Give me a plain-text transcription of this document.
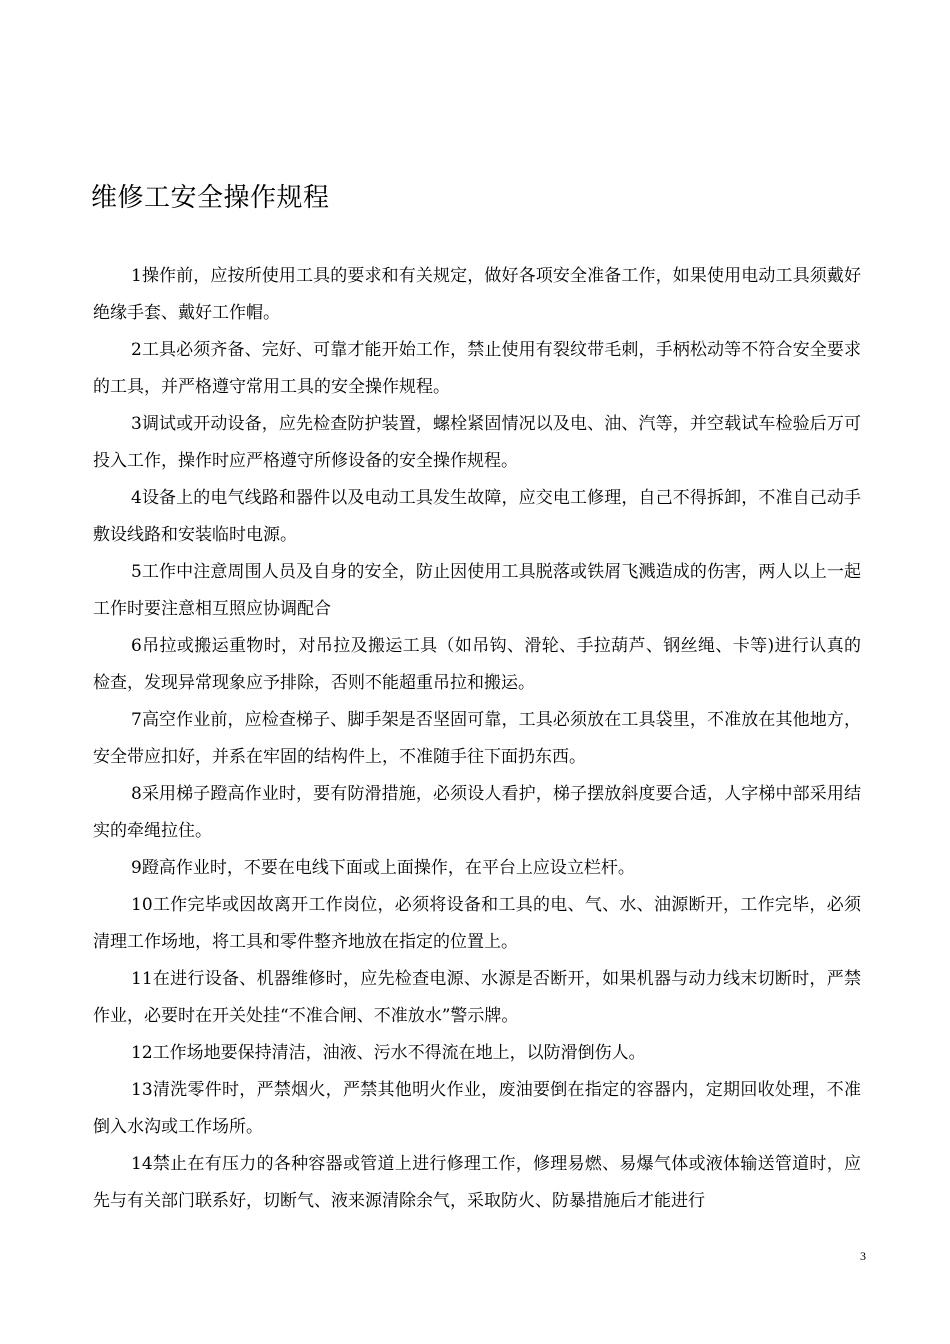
维修工安全操作规程

1操作前，应按所使用工具的要求和有关规定，做好各项安全准备工作，如果使用电动工具须戴好绝缘手套、戴好工作帽。

2工具必须齐备、完好、可靠才能开始工作，禁止使用有裂纹带毛刺，手柄松动等不符合安全要求的工具，并严格遵守常用工具的安全操作规程。

3调试或开动设备，应先检查防护装置，螺栓紧固情况以及电、油、汽等，并空载试车检验后万可投入工作，操作时应严格遵守所修设备的安全操作规程。

4设备上的电气线路和器件以及电动工具发生故障，应交电工修理，自己不得拆卸，不准自己动手敷设线路和安装临时电源。

5工作中注意周围人员及自身的安全，防止因使用工具脱落或铁屑飞溅造成的伤害，两人以上一起工作时要注意相互照应协调配合

6吊拉或搬运重物时，对吊拉及搬运工具（如吊钩、滑轮、手拉葫芦、钢丝绳、卡等)进行认真的检查，发现异常现象应予排除，否则不能超重吊拉和搬运。

7高空作业前，应检查梯子、脚手架是否坚固可靠，工具必须放在工具袋里，不准放在其他地方，安全带应扣好，并系在牢固的结构件上，不准随手往下面扔东西。

8采用梯子蹬高作业时，要有防滑措施，必须设人看护，梯子摆放斜度要合适，人字梯中部采用结实的牵绳拉住。

9蹬高作业时，不要在电线下面或上面操作，在平台上应设立栏杆。

10工作完毕或因故离开工作岗位，必须将设备和工具的电、气、水、油源断开，工作完毕，必须清理工作场地，将工具和零件整齐地放在指定的位置上。

11在进行设备、机器维修时，应先检查电源、水源是否断开，如果机器与动力线末切断时，严禁作业，必要时在开关处挂“不准合闸、不准放水”警示牌。

12工作场地要保持清洁，油液、污水不得流在地上，以防滑倒伤人。

13清洗零件时，严禁烟火，严禁其他明火作业，废油要倒在指定的容器内，定期回收处理，不准倒入水沟或工作场所。

14禁止在有压力的各种容器或管道上进行修理工作，修理易燃、易爆气体或液体输送管道时，应先与有关部门联系好，切断气、液来源清除余气，采取防火、防暴措施后才能进行

3
